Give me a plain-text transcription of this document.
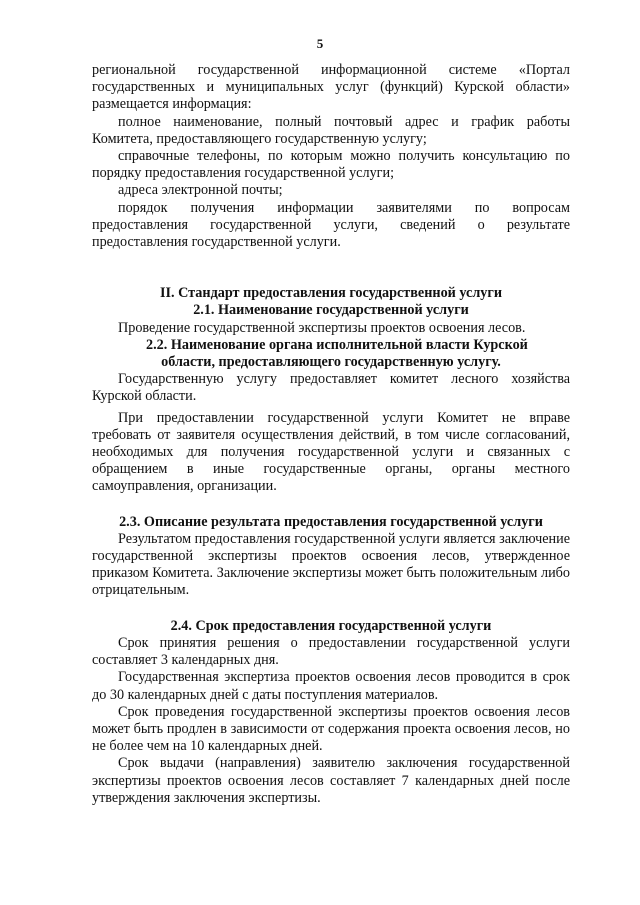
5

региональной государственной информационной системе «Портал государственных и муниципальных услуг (функций) Курской области» размещается информация:

полное наименование, полный почтовый адрес и график работы Комитета, предоставляющего государственную услугу;

справочные телефоны, по которым можно получить консультацию по порядку предоставления государственной услуги;

адреса электронной почты;

порядок получения информации заявителями по вопросам предоставления государственной услуги, сведений о результате предоставления государственной услуги.

II. Стандарт предоставления государственной услуги

2.1. Наименование государственной услуги

Проведение государственной экспертизы проектов освоения лесов.

2.2. Наименование органа исполнительной власти Курской

области, предоставляющего государственную услугу.

Государственную услугу предоставляет комитет лесного хозяйства Курской области.

При предоставлении государственной услуги Комитет не вправе требовать от заявителя осуществления действий, в том числе согласований, необходимых для получения государственной услуги и связанных с обращением в иные государственные органы, органы местного самоуправления, организации.

2.3. Описание результата предоставления государственной услуги

Результатом предоставления государственной услуги является заключение государственной экспертизы проектов освоения лесов, утвержденное приказом Комитета. Заключение экспертизы может быть положительным либо отрицательным.

2.4. Срок предоставления государственной услуги

Срок принятия решения о предоставлении государственной услуги составляет 3 календарных дня.

Государственная экспертиза проектов освоения лесов проводится в срок до 30 календарных дней с даты поступления материалов.

Срок проведения государственной экспертизы проектов освоения лесов может быть продлен в зависимости от содержания проекта освоения лесов, но не более чем на 10 календарных дней.

Срок выдачи (направления) заявителю заключения государственной экспертизы проектов освоения лесов составляет 7 календарных дней после утверждения заключения экспертизы.
